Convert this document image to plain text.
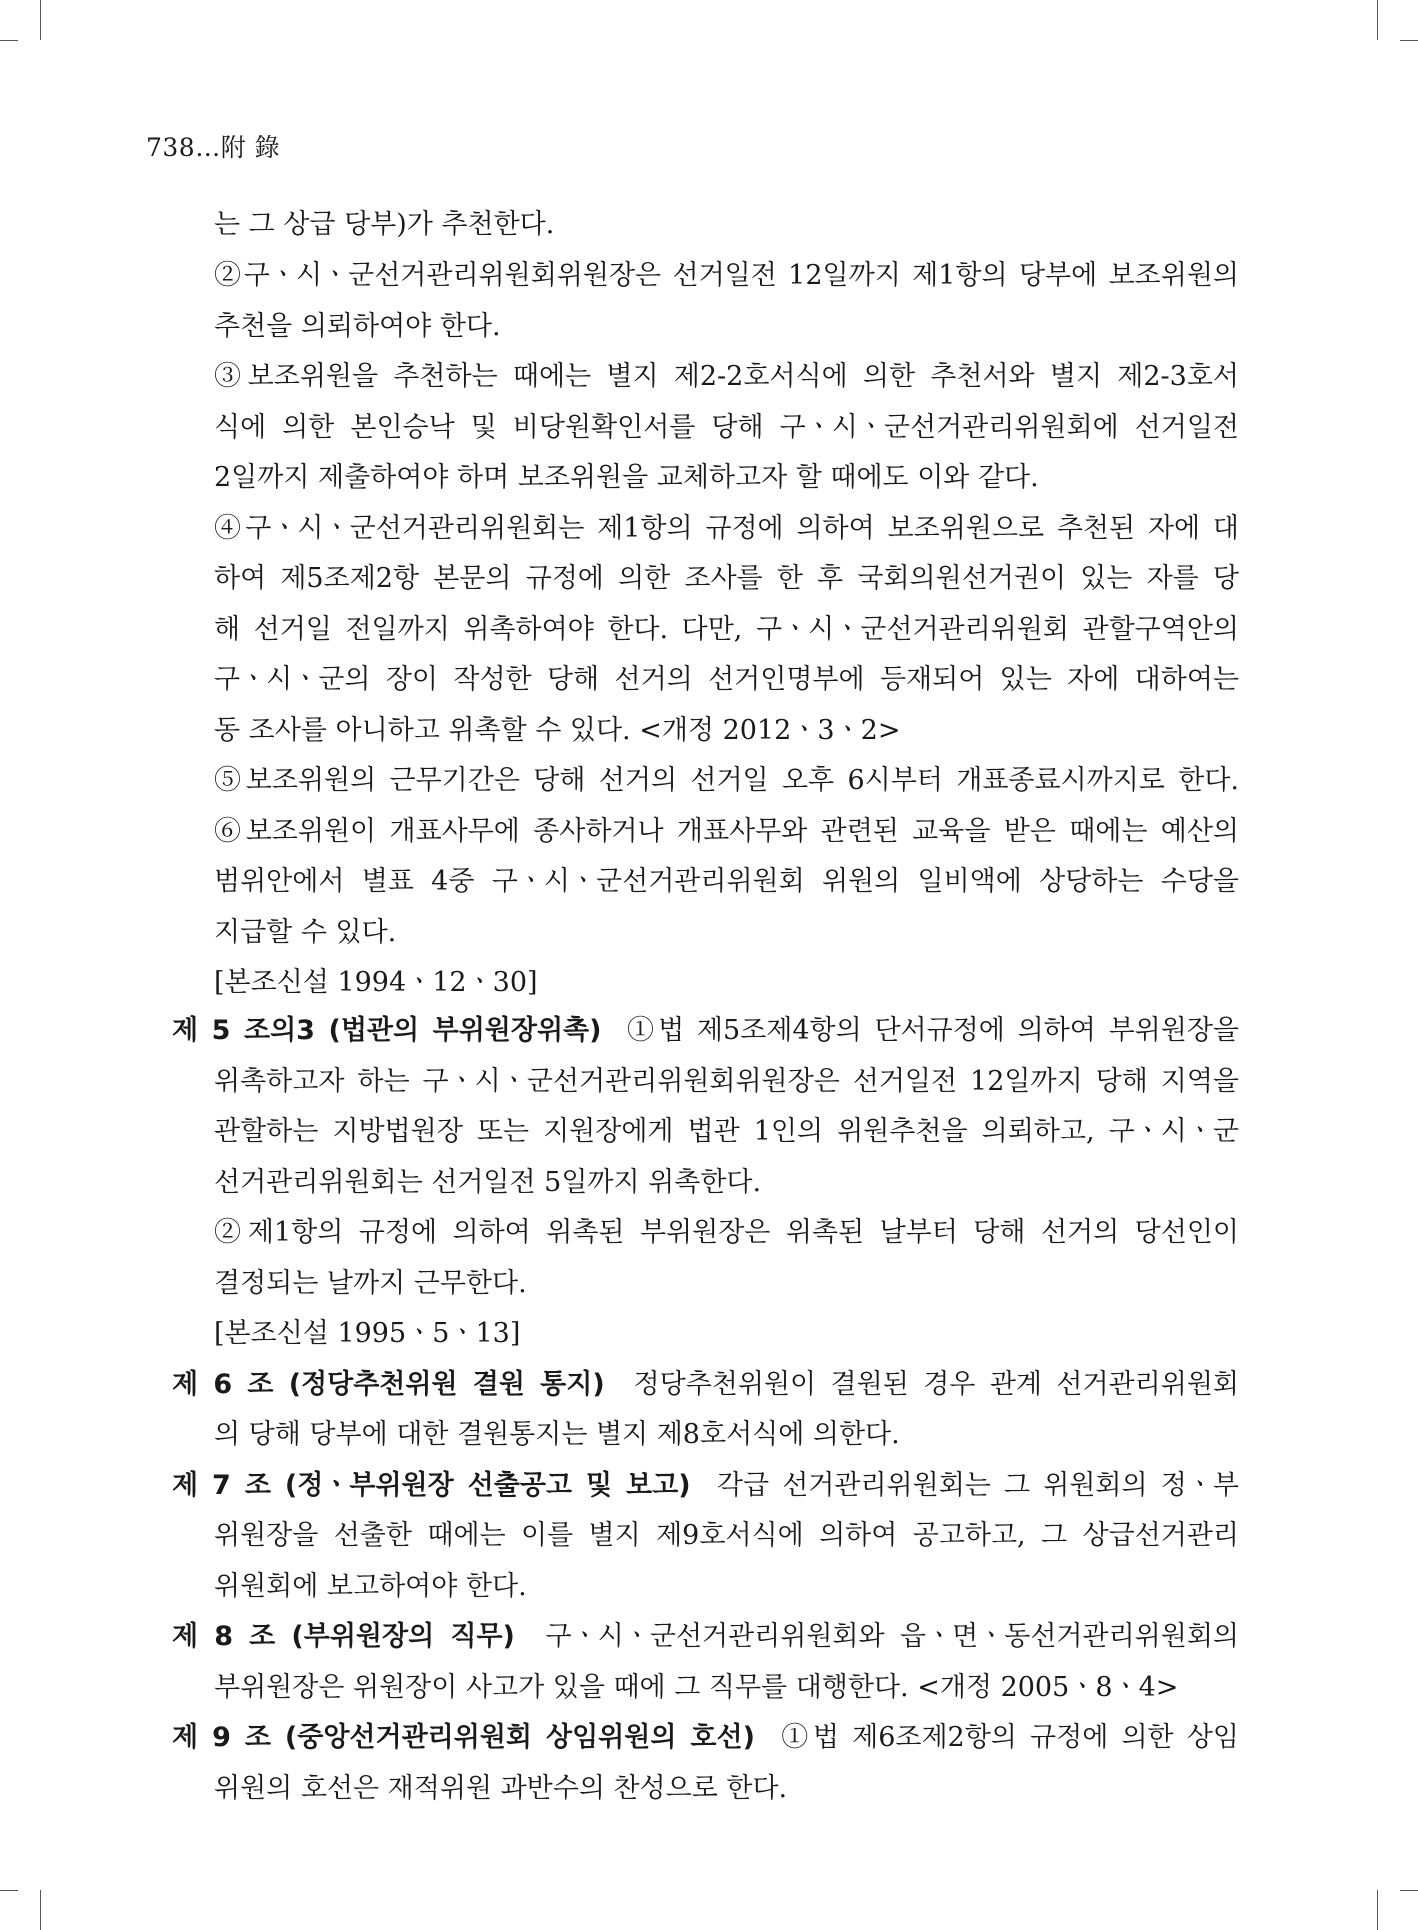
738…附 錄
는 그 상급 당부)가 추천한다.
②구ㆍ시ㆍ군선거관리위원회위원장은 선거일전 12일까지 제1항의 당부에 보조위원의
추천을 의뢰하여야 한다.
③보조위원을 추천하는 때에는 별지 제2-2호서식에 의한 추천서와 별지 제2-3호서
식에 의한 본인승낙 및 비당원확인서를 당해 구ㆍ시ㆍ군선거관리위원회에 선거일전
2일까지 제출하여야 하며 보조위원을 교체하고자 할 때에도 이와 같다.
④구ㆍ시ㆍ군선거관리위원회는 제1항의 규정에 의하여 보조위원으로 추천된 자에 대
하여 제5조제2항 본문의 규정에 의한 조사를 한 후 국회의원선거권이 있는 자를 당
해 선거일 전일까지 위촉하여야 한다. 다만, 구ㆍ시ㆍ군선거관리위원회 관할구역안의
구ㆍ시ㆍ군의 장이 작성한 당해 선거의 선거인명부에 등재되어 있는 자에 대하여는
동 조사를 아니하고 위촉할 수 있다. <개정 2012ㆍ3ㆍ2>
⑤보조위원의 근무기간은 당해 선거의 선거일 오후 6시부터 개표종료시까지로 한다.
⑥보조위원이 개표사무에 종사하거나 개표사무와 관련된 교육을 받은 때에는 예산의
범위안에서 별표 4중 구ㆍ시ㆍ군선거관리위원회 위원의 일비액에 상당하는 수당을
지급할 수 있다.
[본조신설 1994ㆍ12ㆍ30]
제 5 조의3 (법관의 부위원장위촉) ①법 제5조제4항의 단서규정에 의하여 부위원장을
위촉하고자 하는 구ㆍ시ㆍ군선거관리위원회위원장은 선거일전 12일까지 당해 지역을
관할하는 지방법원장 또는 지원장에게 법관 1인의 위원추천을 의뢰하고, 구ㆍ시ㆍ군
선거관리위원회는 선거일전 5일까지 위촉한다.
②제1항의 규정에 의하여 위촉된 부위원장은 위촉된 날부터 당해 선거의 당선인이
결정되는 날까지 근무한다.
[본조신설 1995ㆍ5ㆍ13]
제 6 조 (정당추천위원 결원 통지) 정당추천위원이 결원된 경우 관계 선거관리위원회
의 당해 당부에 대한 결원통지는 별지 제8호서식에 의한다.
제 7 조 (정ㆍ부위원장 선출공고 및 보고) 각급 선거관리위원회는 그 위원회의 정ㆍ부
위원장을 선출한 때에는 이를 별지 제9호서식에 의하여 공고하고, 그 상급선거관리
위원회에 보고하여야 한다.
제 8 조 (부위원장의 직무) 구ㆍ시ㆍ군선거관리위원회와 읍ㆍ면ㆍ동선거관리위원회의
부위원장은 위원장이 사고가 있을 때에 그 직무를 대행한다. <개정 2005ㆍ8ㆍ4>
제 9 조 (중앙선거관리위원회 상임위원의 호선) ①법 제6조제2항의 규정에 의한 상임
위원의 호선은 재적위원 과반수의 찬성으로 한다.
